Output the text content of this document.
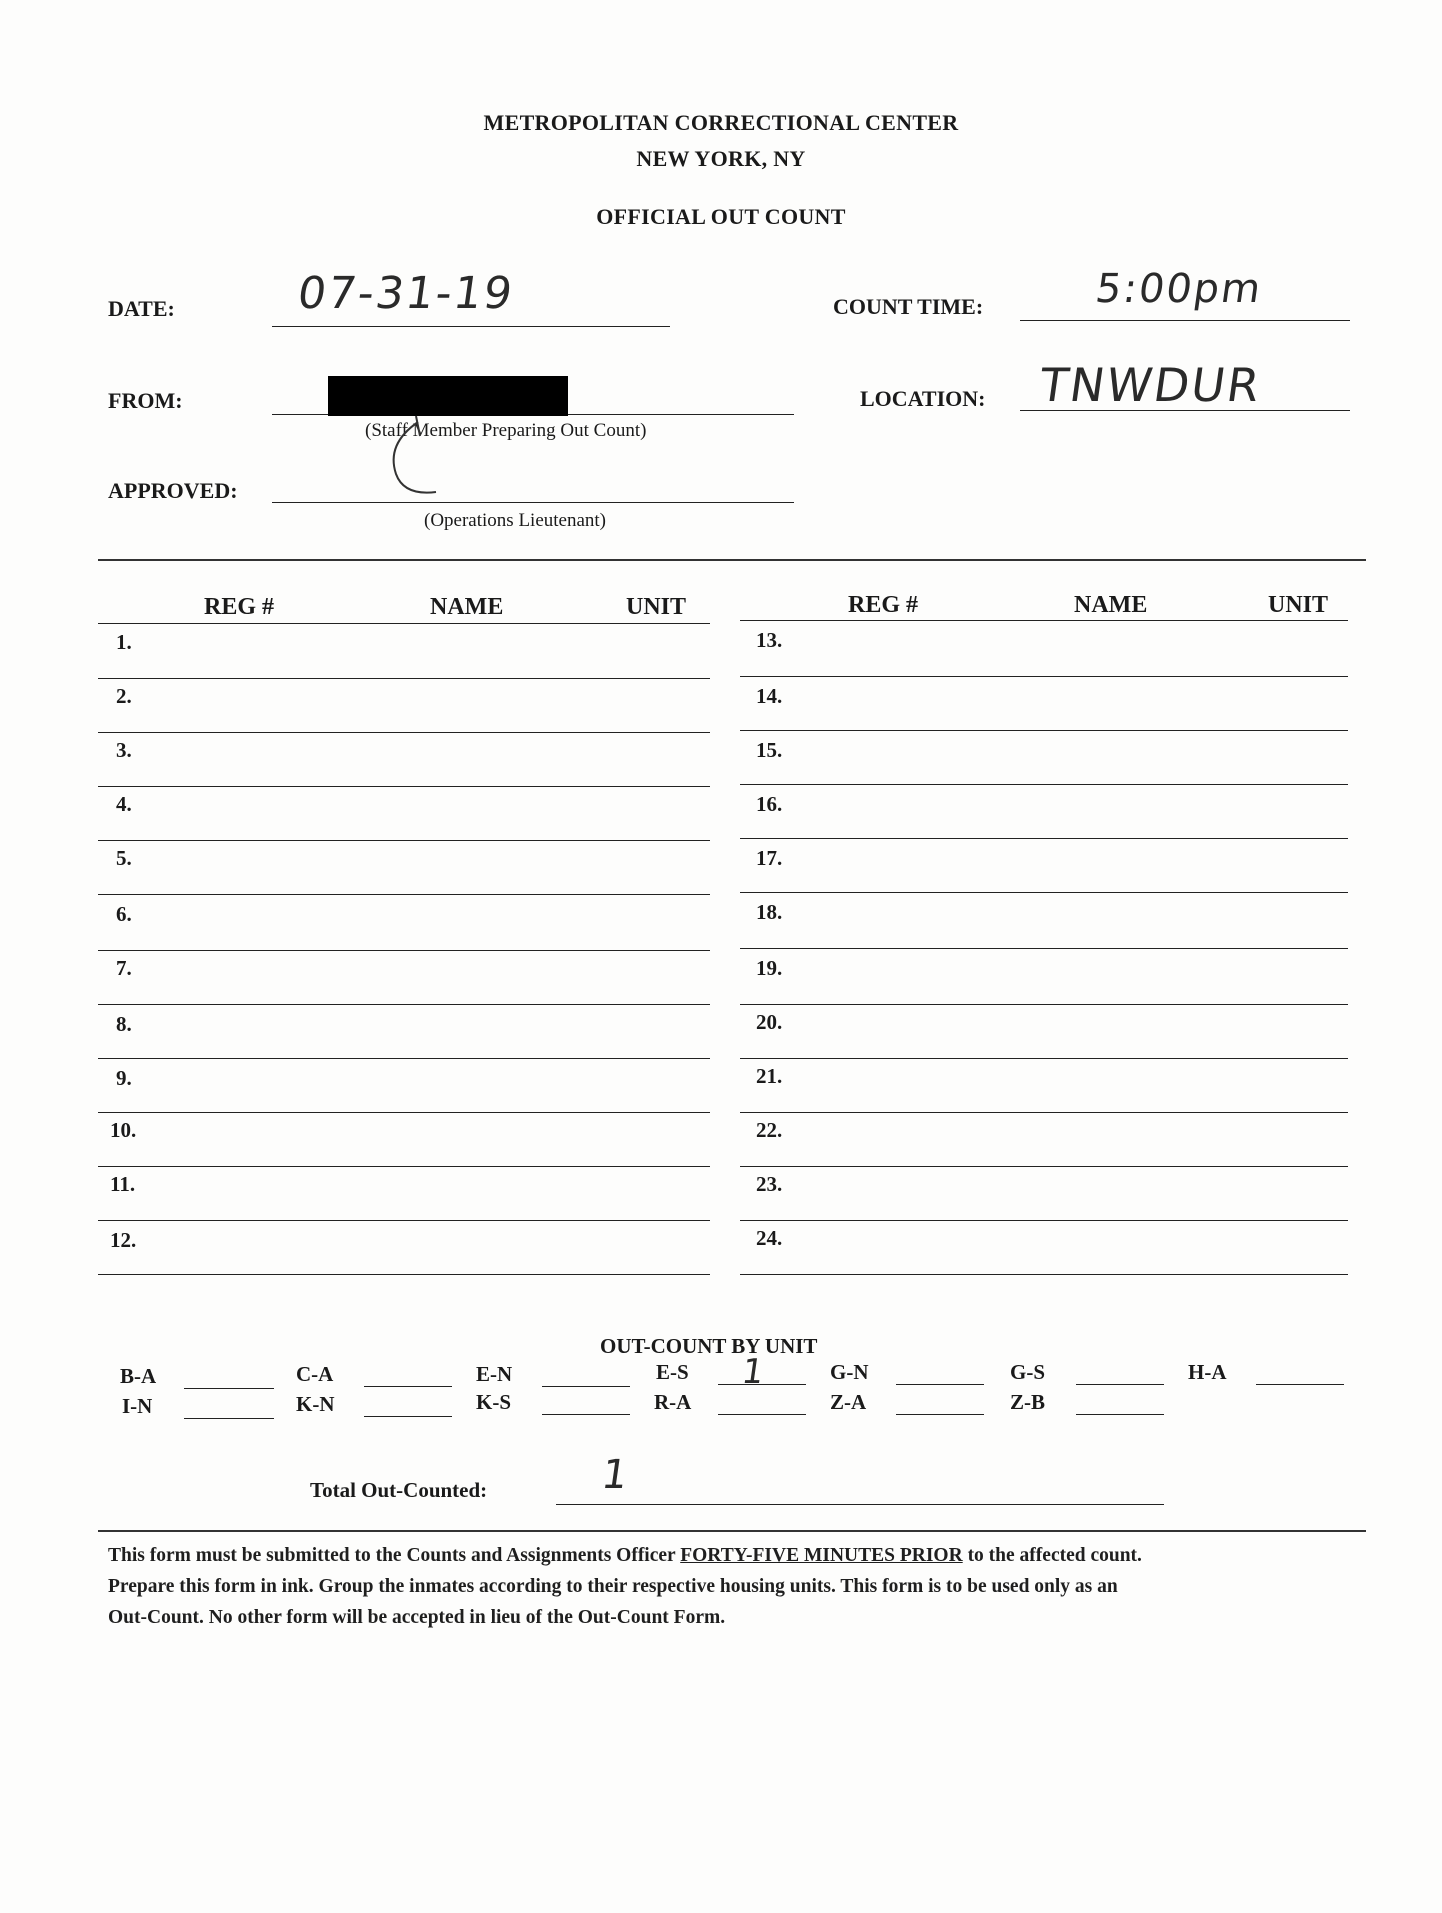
METROPOLITAN CORRECTIONAL CENTER
NEW YORK, NY
OFFICIAL OUT COUNT
DATE:	07-31-19	COUNT TIME:	5:00pm
FROM:
(Staff Member Preparing Out Count)
LOCATION: TNWDUR
APPROVED:
(Operations Lieutenant)
REG #	NAME	UNIT	REG #	NAME	UNIT
1.
2.
3.
4.
5.
6.
7.
8.
9.
10.
11.
12.
13.
14.
15.
16.
17.
18.
19.
20.
21.
22.
23.
24.
OUT-COUNT BY UNIT
B-A	C-A	E-N	E-S 1	G-N	G-S	H-A
I-N	K-N	K-S	R-A	Z-A	Z-B
Total Out-Counted:	1
This form must be submitted to the Counts and Assignments Officer FORTY-FIVE MINUTES PRIOR to the affected count.
Prepare this form in ink. Group the inmates according to their respective housing units. This form is to be used only as an
Out-Count. No other form will be accepted in lieu of the Out-Count Form.
